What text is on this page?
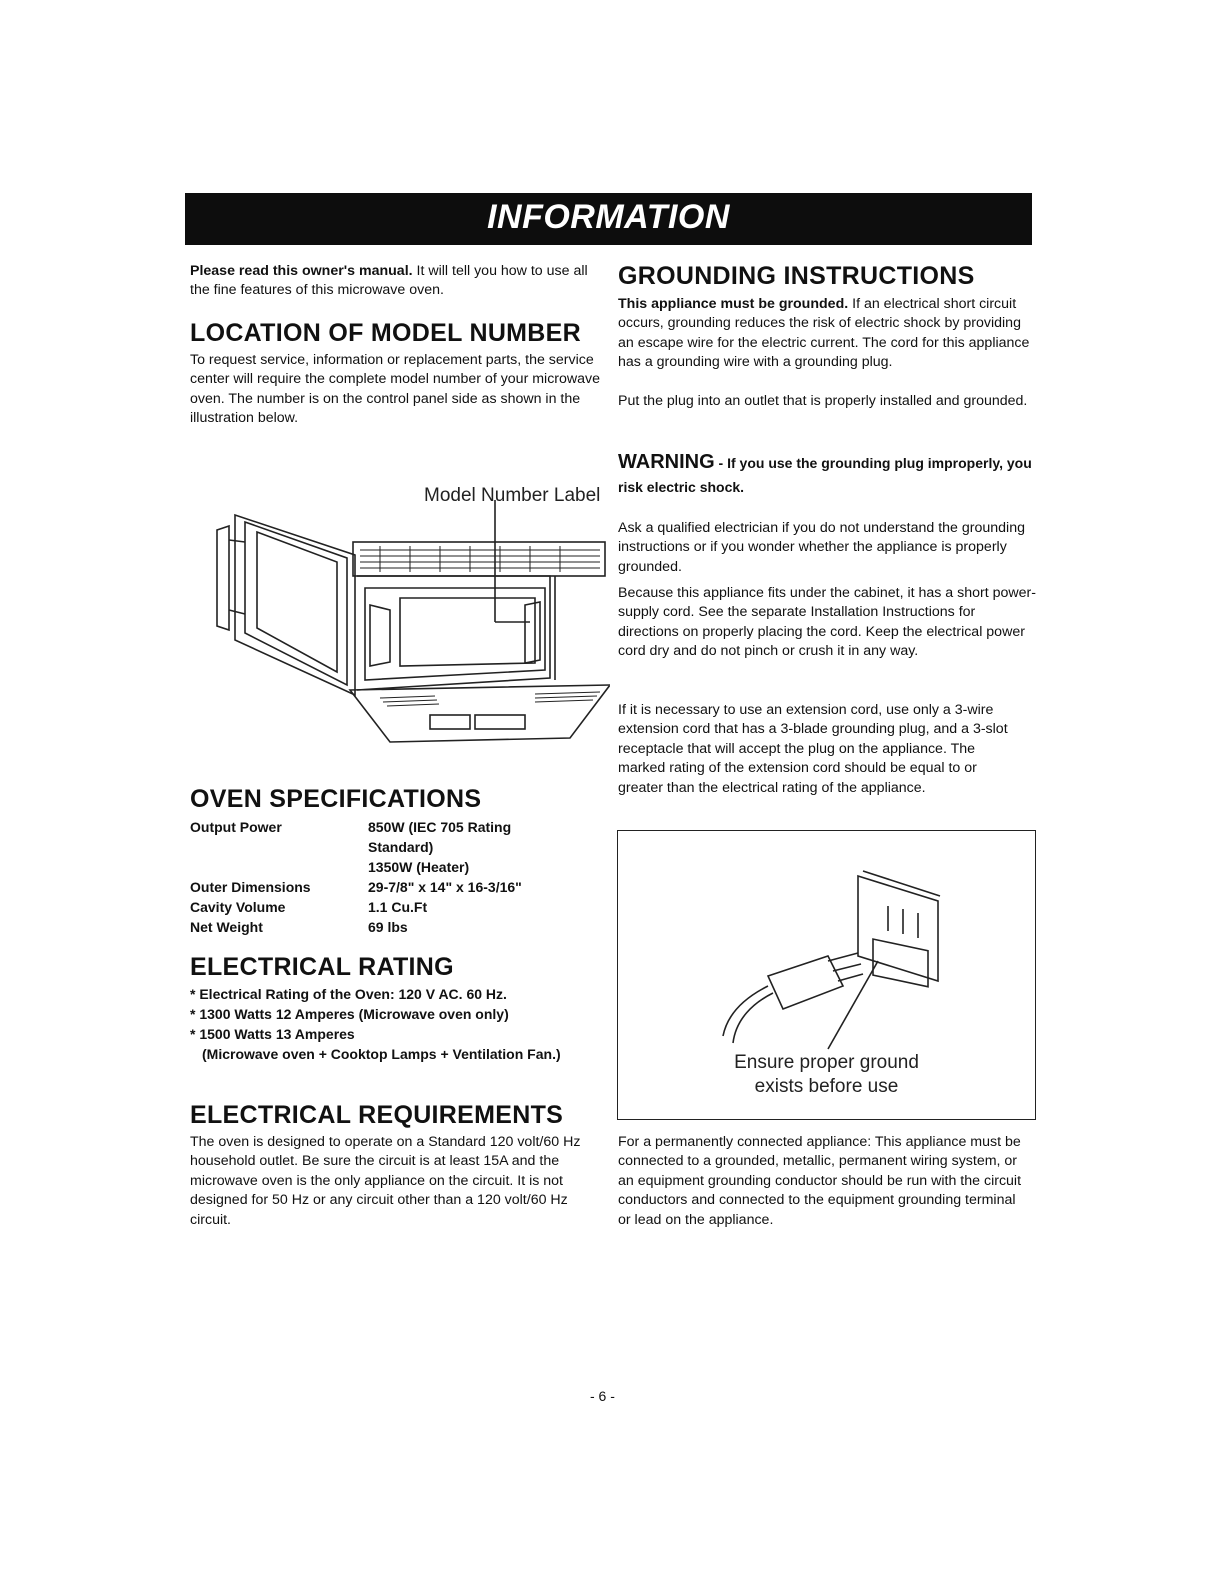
INFORMATION
Please read this owner's manual. It will tell you how to use all the fine features of this microwave oven.
LOCATION OF MODEL NUMBER
To request service, information or replacement parts, the service center will require the complete model number of your microwave oven. The number is on the control panel side as shown in the illustration below.
Model Number Label
OVEN SPECIFICATIONS
Output Power	850W (IEC 705 Rating Standard)
1350W (Heater)
Outer Dimensions	29-7/8" x 14" x 16-3/16"
Cavity Volume	1.1 Cu.Ft
Net Weight	69 lbs
ELECTRICAL RATING
* Electrical Rating of the Oven: 120 V AC. 60 Hz.
* 1300 Watts 12 Amperes (Microwave oven only)
* 1500 Watts 13 Amperes
(Microwave oven + Cooktop Lamps + Ventilation Fan.)
ELECTRICAL REQUIREMENTS
The oven is designed to operate on a Standard 120 volt/60 Hz household outlet. Be sure the circuit is at least 15A and the microwave oven is the only appliance on the circuit. It is not designed for 50 Hz or any circuit other than a 120 volt/60 Hz circuit.
GROUNDING INSTRUCTIONS
This appliance must be grounded. If an electrical short circuit occurs, grounding reduces the risk of electric shock by providing an escape wire for the electric current. The cord for this appliance has a grounding wire with a grounding plug.
Put the plug into an outlet that is properly installed and grounded.
WARNING - If you use the grounding plug improperly, you risk electric shock.
Ask a qualified electrician if you do not understand the grounding instructions or if you wonder whether the appliance is properly grounded.
Because this appliance fits under the cabinet, it has a short power-supply cord. See the separate Installation Instructions for directions on properly placing the cord. Keep the electrical power cord dry and do not pinch or crush it in any way.
If it is necessary to use an extension cord, use only a 3-wire extension cord that has a 3-blade grounding plug, and a 3-slot receptacle that will accept the plug on the appliance. The marked rating of the extension cord should be equal to or greater than the electrical rating of the appliance.
Ensure proper ground
exists before use
For a permanently connected appliance: This appliance must be connected to a grounded, metallic, permanent wiring system, or an equipment grounding conductor should be run with the circuit conductors and connected to the equipment grounding terminal or lead on the appliance.
- 6 -
